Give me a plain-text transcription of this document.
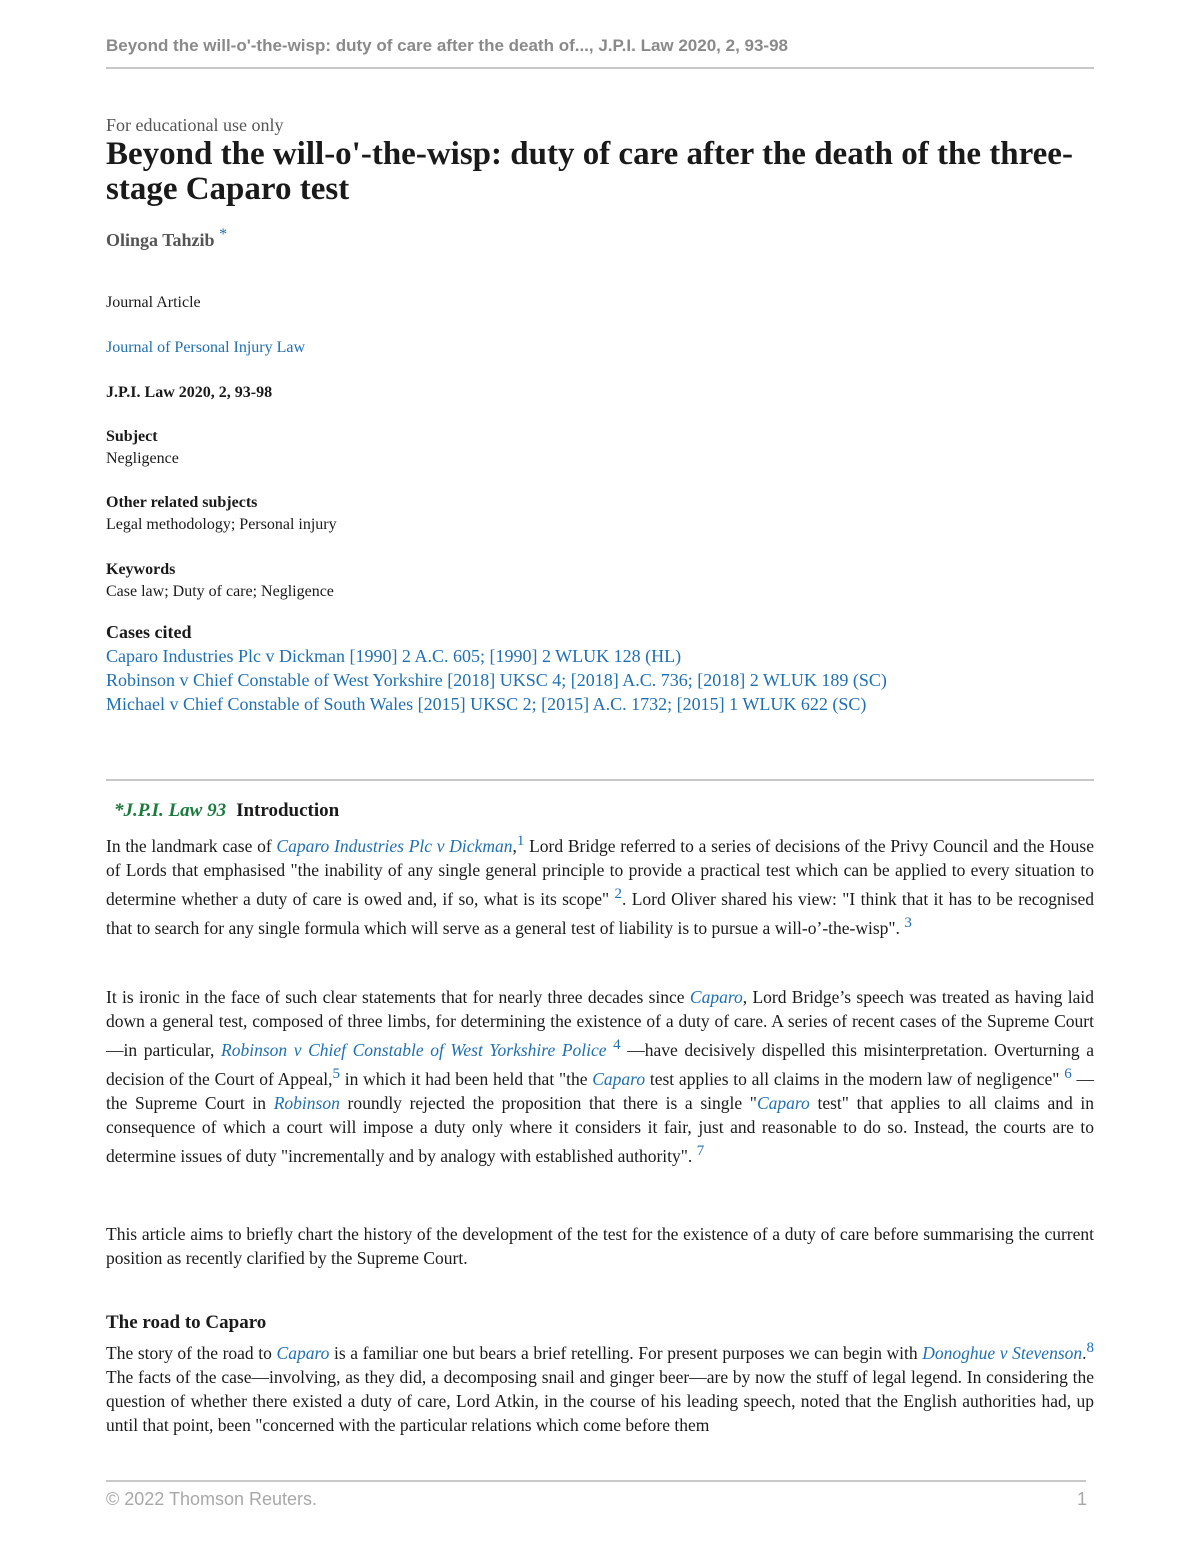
Beyond the will-o'-the-wisp: duty of care after the death of..., J.P.I. Law 2020, 2, 93-98
For educational use only
Beyond the will-o'-the-wisp: duty of care after the death of the three-stage Caparo test
Olinga Tahzib *
Journal Article
Journal of Personal Injury Law
J.P.I. Law 2020, 2, 93-98
Subject
Negligence
Other related subjects
Legal methodology; Personal injury
Keywords
Case law; Duty of care; Negligence
Cases cited
Caparo Industries Plc v Dickman [1990] 2 A.C. 605; [1990] 2 WLUK 128 (HL)
Robinson v Chief Constable of West Yorkshire [2018] UKSC 4; [2018] A.C. 736; [2018] 2 WLUK 189 (SC)
Michael v Chief Constable of South Wales [2015] UKSC 2; [2015] A.C. 1732; [2015] 1 WLUK 622 (SC)
*J.P.I. Law 93 Introduction

In the landmark case of Caparo Industries Plc v Dickman,$^1$ Lord Bridge referred to a series of decisions of the Privy Council and the House of Lords that emphasised "the inability of any single general principle to provide a practical test which can be applied to every situation to determine whether a duty of care is owed and, if so, what is its scope" $^2$. Lord Oliver shared his view: "I think that it has to be recognised that to search for any single formula which will serve as a general test of liability is to pursue a will-o’-the-wisp". $^3$

It is ironic in the face of such clear statements that for nearly three decades since Caparo, Lord Bridge’s speech was treated as having laid down a general test, composed of three limbs, for determining the existence of a duty of care. A series of recent cases of the Supreme Court—in particular, Robinson v Chief Constable of West Yorkshire Police $^4$ —have decisively dispelled this misinterpretation. Overturning a decision of the Court of Appeal,$^5$ in which it had been held that "the Caparo test applies to all claims in the modern law of negligence" $^6$ —the Supreme Court in Robinson roundly rejected the proposition that there is a single "Caparo test" that applies to all claims and in consequence of which a court will impose a duty only where it considers it fair, just and reasonable to do so. Instead, the courts are to determine issues of duty "incrementally and by analogy with established authority". $^7$

This article aims to briefly chart the history of the development of the test for the existence of a duty of care before summarising the current position as recently clarified by the Supreme Court.

The road to Caparo

The story of the road to Caparo is a familiar one but bears a brief retelling. For present purposes we can begin with Donoghue v Stevenson.$^8$ The facts of the case—involving, as they did, a decomposing snail and ginger beer—are by now the stuff of legal legend. In considering the question of whether there existed a duty of care, Lord Atkin, in the course of his leading speech, noted that the English authorities had, up until that point, been "concerned with the particular relations which come before them

© 2022 Thomson Reuters.	1
